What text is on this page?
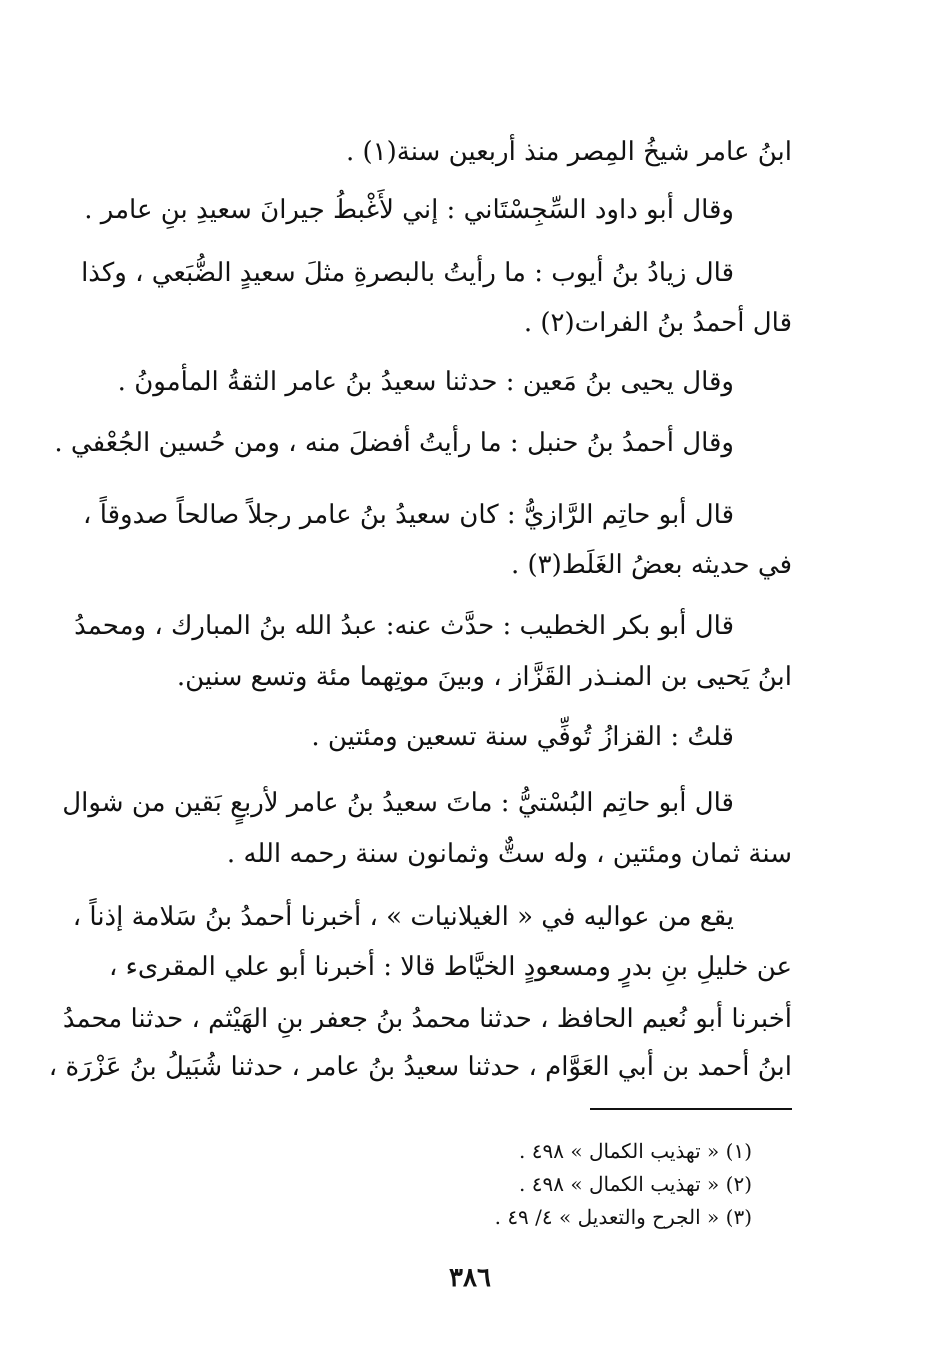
ابنُ عامر شيخُ المِصر منذ أربعين سنة(١) .
وقال أبو داود السِّجِسْتَاني : إني لأَغْبطُ جيرانَ سعيدِ بنِ عامر .
قال زيادُ بنُ أيوب : ما رأيتُ بالبصرةِ مثلَ سعيدٍ الضُّبَعي ، وكذا
قال أحمدُ بنُ الفرات(٢) .
وقال يحيى بنُ مَعين : حدثنا سعيدُ بنُ عامر الثقةُ المأمونُ .
وقال أحمدُ بنُ حنبل : ما رأيتُ أفضلَ منه ، ومن حُسين الجُعْفي .
قال أبو حاتِم الرَّازيُّ : كان سعيدُ بنُ عامر رجلاً صالحاً صدوقاً ،
في حديثه بعضُ الغَلَط(٣) .
قال أبو بكر الخطيب : حدَّث عنه: عبدُ الله بنُ المبارك ، ومحمدُ
ابنُ يَحيى بن المنـذر القَزَّاز ، وبينَ موتِهما مئة وتسع سنين.
قلتُ : القزازُ تُوفِّي سنة تسعين ومئتين .
قال أبو حاتِم البُسْتيُّ : ماتَ سعيدُ بنُ عامر لأربعٍ بَقين من شوال
سنة ثمان ومئتين ، وله ستٌّ وثمانون سنة رحمه الله .
يقع من عواليه في « الغيلانيات » ، أخبرنا أحمدُ بنُ سَلامة إذناً ،
عن خليلِ بنِ بدرٍ ومسعودٍ الخيَّاط قالا : أخبرنا أبو علي المقرىء ،
أخبرنا أبو نُعيم الحافظ ، حدثنا محمدُ بنُ جعفر بنِ الهَيْثم ، حدثنا محمدُ
ابنُ أحمد بن أبي العَوَّام ، حدثنا سعيدُ بنُ عامر ، حدثنا شُبَيلُ بنُ عَزْرَة ،
(١) « تهذيب الكمال » ٤٩٨ .
(٢) « تهذيب الكمال » ٤٩٨ .
(٣) « الجرح والتعديل » ٤/ ٤٩ .
٣٨٦
